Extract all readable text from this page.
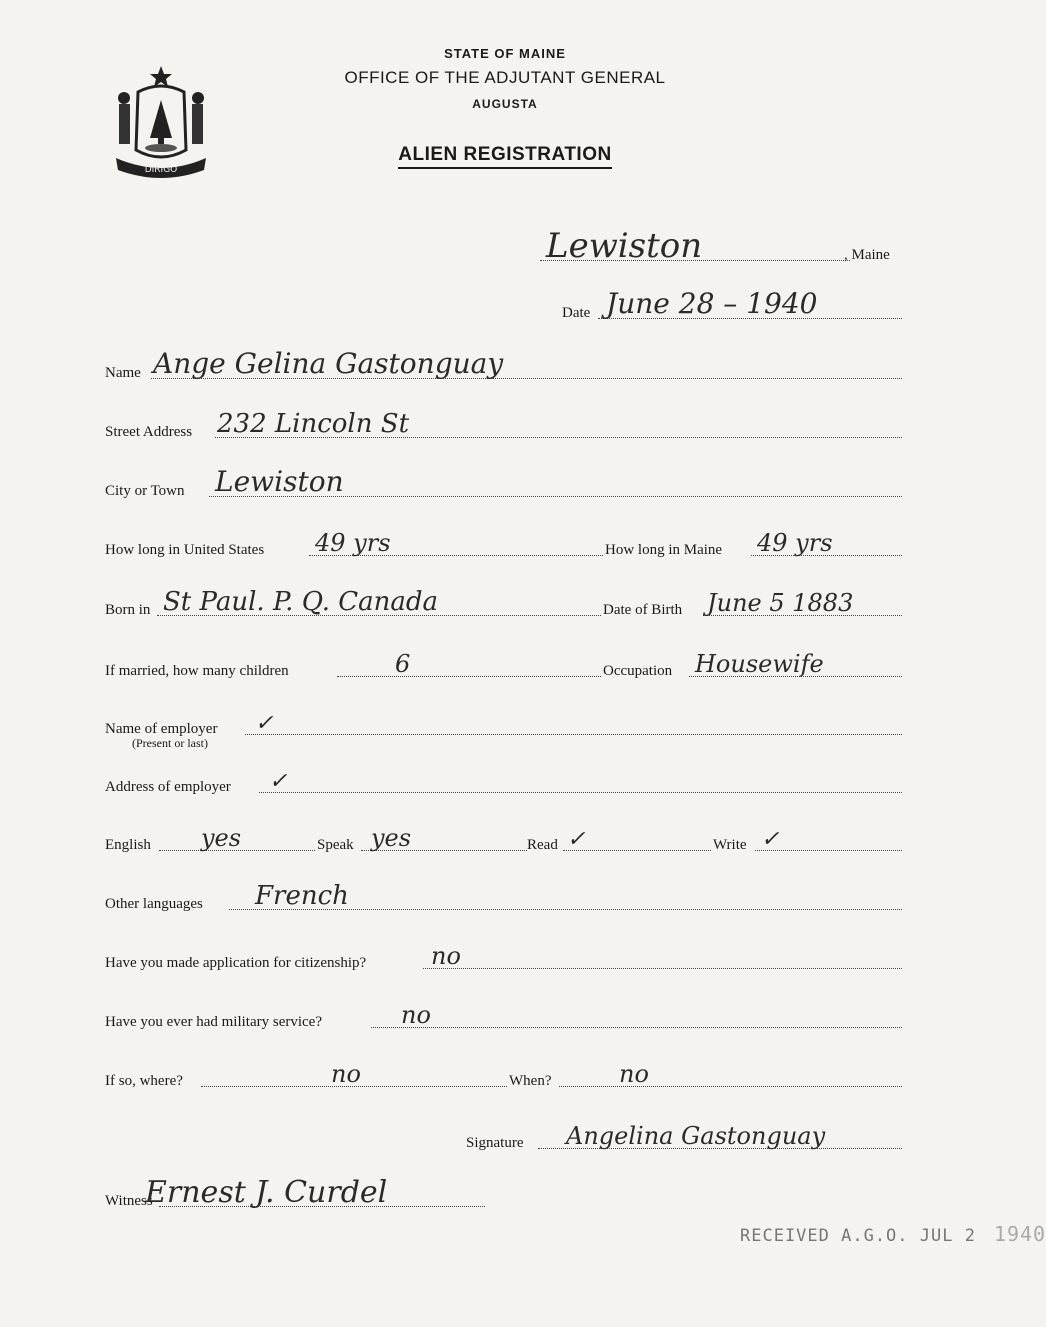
DIRIGO
STATE OF MAINE
OFFICE OF THE ADJUTANT GENERAL
AUGUSTA
ALIEN REGISTRATION
Lewiston	, Maine
Date June 28 – 1940
Name Ange Gelina Gastonguay
Street Address 232 Lincoln St
City or Town Lewiston
How long in United States 49 yrs	How long in Maine 49 yrs
Born in St Paul. P. Q. Canada	Date of Birth June 5 1883
If married, how many children	6	Occupation Housewife
Name of employer ✓
(Present or last)
Address of employer ✓
English yes	Speak yes	Read ✓	Write ✓
Other languages French
Have you made application for citizenship?	no
Have you ever had military service?	no
If so, where?	no	When?	no
Signature Angelina Gastonguay
Witness
Ernest J. Curdel
RECEIVED A.G.O. JUL 2 1940
